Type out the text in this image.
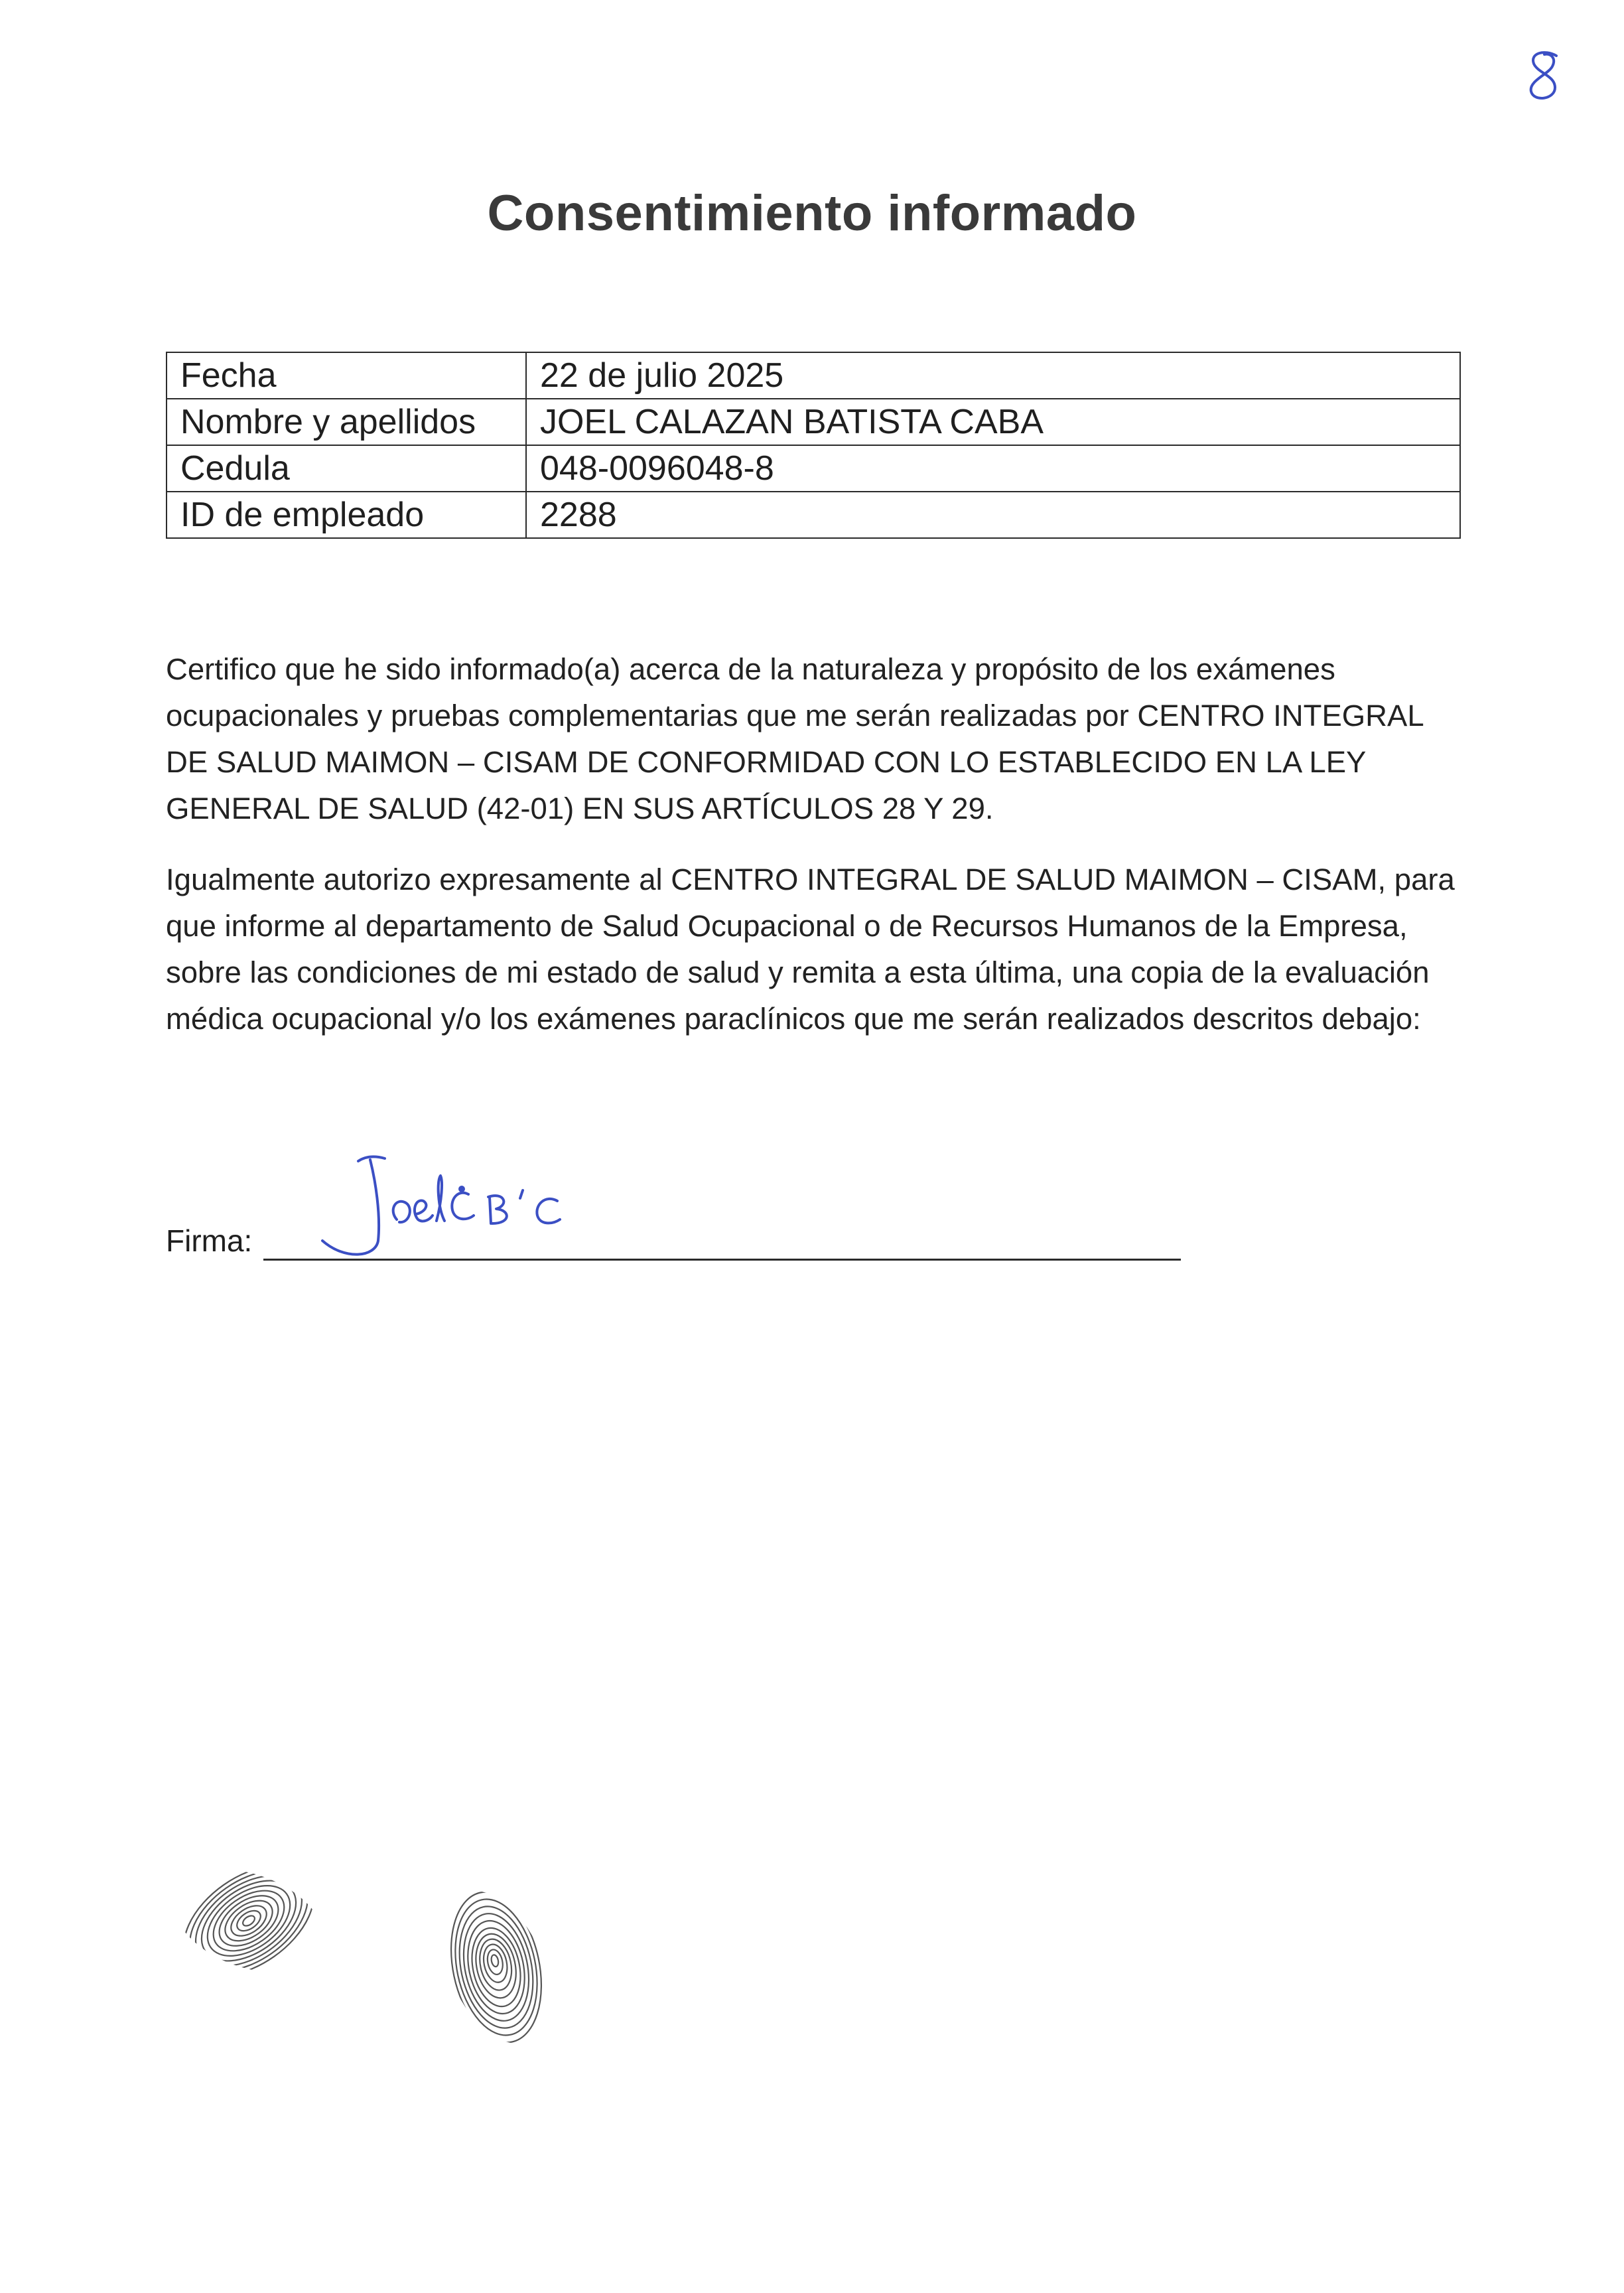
Consentimiento informado
Fecha	22 de julio 2025
Nombre y apellidos	JOEL CALAZAN BATISTA CABA
Cedula	048-0096048-8
ID de empleado	2288

Certifico que he sido informado(a) acerca de la naturaleza y propósito de los exámenes ocupacionales y pruebas complementarias que me serán realizadas por CENTRO INTEGRAL DE SALUD MAIMON – CISAM DE CONFORMIDAD CON LO ESTABLECIDO EN LA LEY GENERAL DE SALUD (42-01) EN SUS ARTÍCULOS 28 Y 29.

Igualmente autorizo expresamente al CENTRO INTEGRAL DE SALUD MAIMON – CISAM, para que informe al departamento de Salud Ocupacional o de Recursos Humanos de la Empresa, sobre las condiciones de mi estado de salud y remita a esta última, una copia de la evaluación médica ocupacional y/o los exámenes paraclínicos que me serán realizados descritos debajo:

Firma:
